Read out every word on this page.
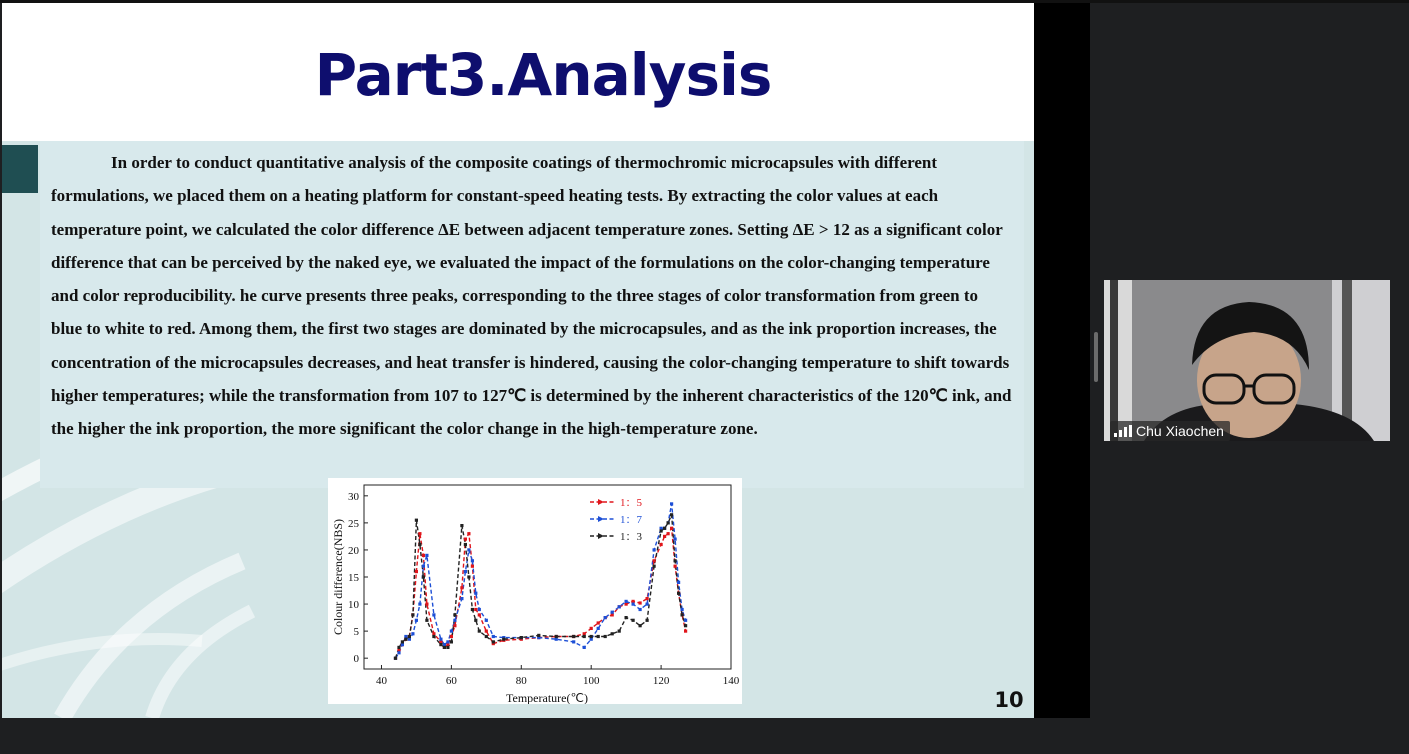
Part3.Analysis

In order to conduct quantitative analysis of the composite coatings of thermochromic microcapsules with different formulations, we placed them on a heating platform for constant-speed heating tests. By extracting the color values at each temperature point, we calculated the color difference ΔE between adjacent temperature zones. Setting ΔE > 12 as a significant color difference that can be perceived by the naked eye, we evaluated the impact of the formulations on the color-changing temperature and color reproducibility. he curve presents three peaks, corresponding to the three stages of color transformation from green to blue to white to red. Among them, the first two stages are dominated by the microcapsules, and as the ink proportion increases, the concentration of the microcapsules decreases, and heat transfer is hindered, causing the color-changing temperature to shift towards higher temperatures; while the transformation from 107 to 127℃ is determined by the inherent characteristics of the 120℃ ink, and the higher the ink proportion, the more significant the color change in the high-temperature zone.

0
5
10
15
20
25
30
40	60	80	100	120	140
1：5
1：7
1：3
Temperature(℃)
Colour difference(NBS)
10
Chu Xiaochen
